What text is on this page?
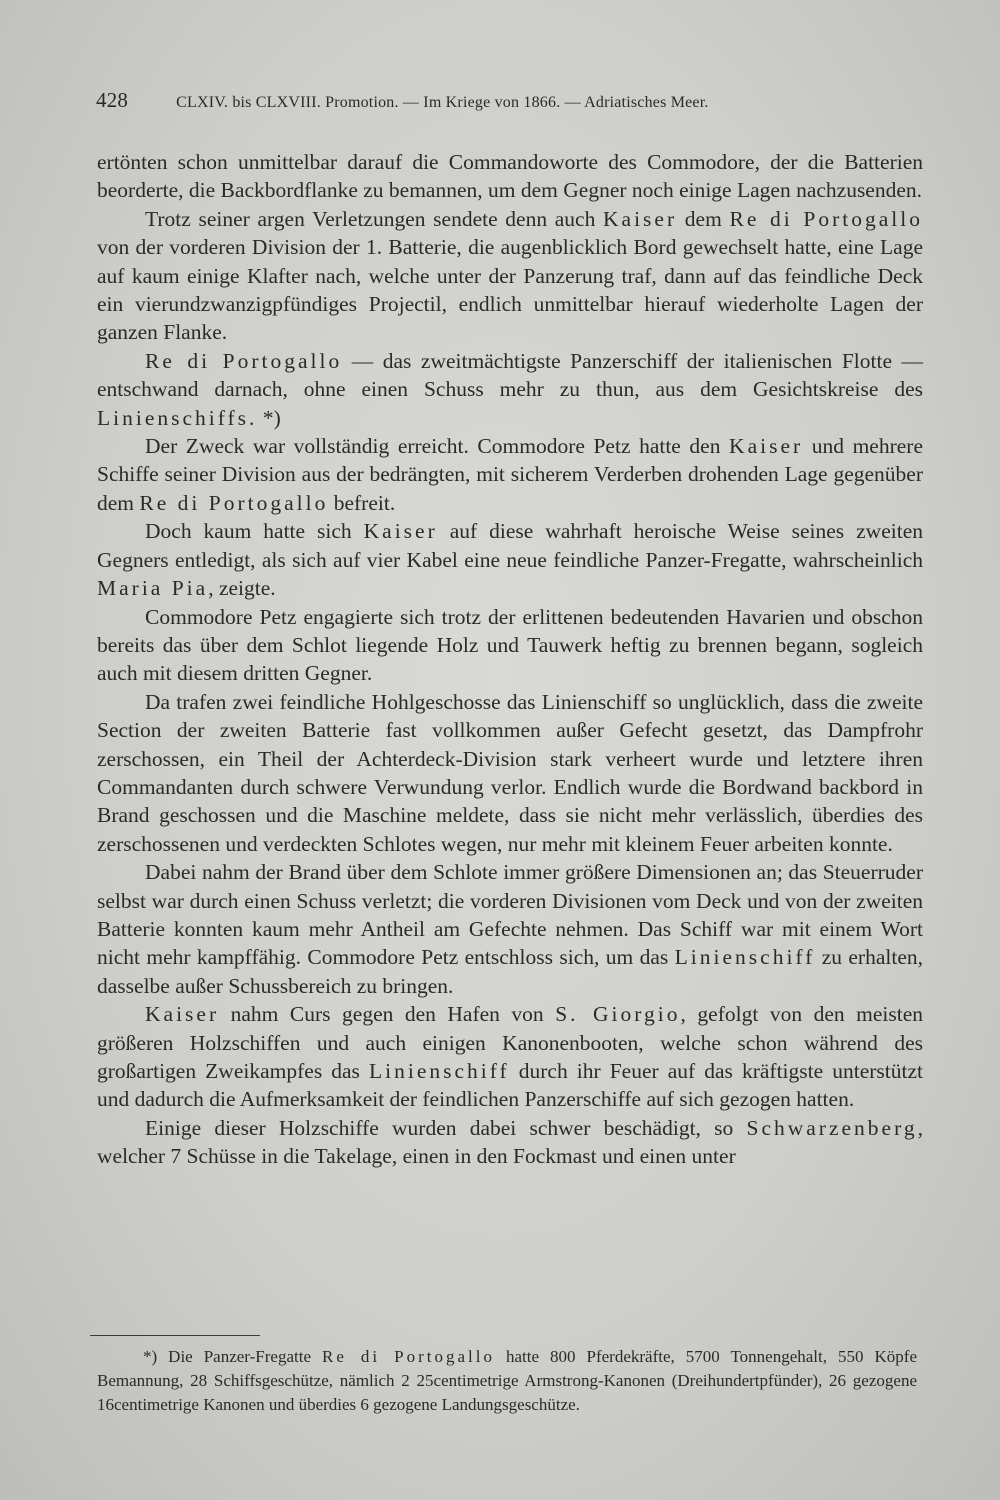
428	CLXIV. bis CLXVIII. Promotion. — Im Kriege von 1866. — Adriatisches Meer.

ertönten schon unmittelbar darauf die Commandoworte des Commodore, der die Batterien beorderte, die Backbordflanke zu bemannen, um dem Gegner noch einige Lagen nachzusenden.

Trotz seiner argen Verletzungen sendete denn auch Kaiser dem Re di Portogallo von der vorderen Division der 1. Batterie, die augenblicklich Bord gewechselt hatte, eine Lage auf kaum einige Klafter nach, welche unter der Panzerung traf, dann auf das feindliche Deck ein vierundzwanzigpfündiges Projectil, endlich unmittelbar hierauf wiederholte Lagen der ganzen Flanke.

Re di Portogallo — das zweitmächtigste Panzerschiff der italienischen Flotte — entschwand darnach, ohne einen Schuss mehr zu thun, aus dem Gesichtskreise des Linienschiffs. *)

Der Zweck war vollständig erreicht. Commodore Petz hatte den Kaiser und mehrere Schiffe seiner Division aus der bedrängten, mit sicherem Verderben drohenden Lage gegenüber dem Re di Portogallo befreit.

Doch kaum hatte sich Kaiser auf diese wahrhaft heroische Weise seines zweiten Gegners entledigt, als sich auf vier Kabel eine neue feindliche Panzer-Fregatte, wahrscheinlich Maria Pia, zeigte.

Commodore Petz engagierte sich trotz der erlittenen bedeutenden Havarien und obschon bereits das über dem Schlot liegende Holz und Tauwerk heftig zu brennen begann, sogleich auch mit diesem dritten Gegner.

Da trafen zwei feindliche Hohlgeschosse das Linienschiff so unglücklich, dass die zweite Section der zweiten Batterie fast vollkommen außer Gefecht gesetzt, das Dampfrohr zerschossen, ein Theil der Achterdeck-Division stark verheert wurde und letztere ihren Commandanten durch schwere Verwundung verlor. Endlich wurde die Bordwand backbord in Brand geschossen und die Maschine meldete, dass sie nicht mehr verlässlich, überdies des zerschossenen und verdeckten Schlotes wegen, nur mehr mit kleinem Feuer arbeiten konnte.

Dabei nahm der Brand über dem Schlote immer größere Dimensionen an; das Steuerruder selbst war durch einen Schuss verletzt; die vorderen Divisionen vom Deck und von der zweiten Batterie konnten kaum mehr Antheil am Gefechte nehmen. Das Schiff war mit einem Wort nicht mehr kampffähig. Commodore Petz entschloss sich, um das Linienschiff zu erhalten, dasselbe außer Schussbereich zu bringen.

Kaiser nahm Curs gegen den Hafen von S. Giorgio, gefolgt von den meisten größeren Holzschiffen und auch einigen Kanonenbooten, welche schon während des großartigen Zweikampfes das Linienschiff durch ihr Feuer auf das kräftigste unterstützt und dadurch die Aufmerksamkeit der feindlichen Panzerschiffe auf sich gezogen hatten.

Einige dieser Holzschiffe wurden dabei schwer beschädigt, so Schwarzenberg, welcher 7 Schüsse in die Takelage, einen in den Fockmast und einen unter

*) Die Panzer-Fregatte Re di Portogallo hatte 800 Pferdekräfte, 5700 Tonnengehalt, 550 Köpfe Bemannung, 28 Schiffsgeschütze, nämlich 2 25centimetrige Armstrong-Kanonen (Dreihundertpfünder), 26 gezogene 16centimetrige Kanonen und überdies 6 gezogene Landungsgeschütze.
